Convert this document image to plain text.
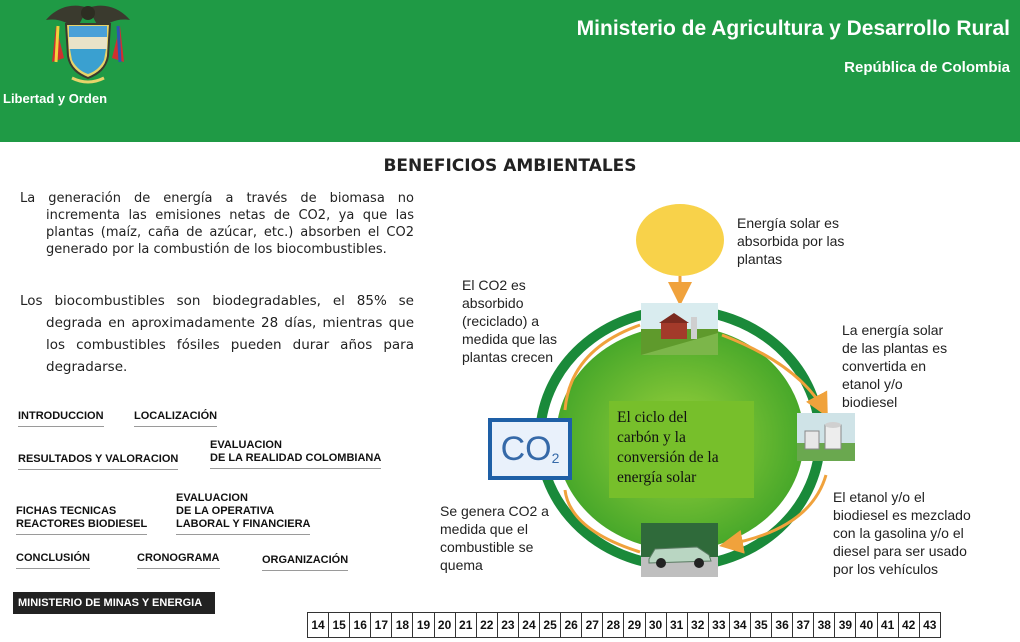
Libertad y Orden
Ministerio de Agricultura y Desarrollo Rural
República de Colombia
BENEFICIOS AMBIENTALES

La generación de energía a través de biomasa no incrementa las emisiones netas de CO2, ya que las plantas (maíz, caña de azúcar, etc.) absorben el CO2 generado por la combustión de los biocombustibles.

Los biocombustibles son biodegradables, el 85% se degrada en aproximadamente 28 días, mientras que los combustibles fósiles pueden durar años para degradarse.

INTRODUCCION	LOCALIZACIÓN
RESULTADOS Y VALORACION
EVALUACION
DE LA REALIDAD COLOMBIANA
FICHAS TECNICAS
REACTORES BIODIESEL
EVALUACION
DE LA OPERATIVA
LABORAL Y FINANCIERA
CONCLUSIÓN	CRONOGRAMA	ORGANIZACIÓN
MINISTERIO DE MINAS Y ENERGIA
CO 2
El ciclo del
carbón y la
conversión de la
energía solar
Energía solar es
absorbida por las
plantas
El CO2 es
absorbido
(reciclado) a
medida que las
plantas crecen
La energía solar
de las plantas es
convertida en
etanol y/o
biodiesel
Se genera CO2 a
medida que el
combustible se
quema
El etanol y/o el
biodiesel es mezclado
con la gasolina y/o el
diesel para ser usado
por los vehículos
14 15 16 17 18 19 20 21 22 23 24 25 26 27 28 29 30 31 32 33 34 35 36 37 38 39 40 41 42 43
